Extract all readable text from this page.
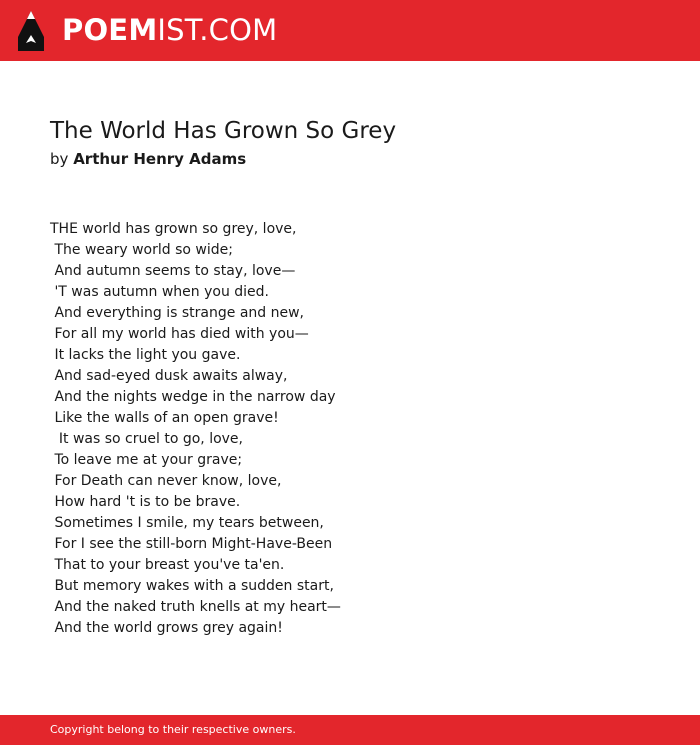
POEMIST.COM
The World Has Grown So Grey
by Arthur Henry Adams
THE world has grown so grey, love,
The weary world so wide;
And autumn seems to stay, love—
'T was autumn when you died.
And everything is strange and new,
For all my world has died with you—
It lacks the light you gave.
And sad-eyed dusk awaits alway,
And the nights wedge in the narrow day
Like the walls of an open grave!
It was so cruel to go, love,
To leave me at your grave;
For Death can never know, love,
How hard 't is to be brave.
Sometimes I smile, my tears between,
For I see the still-born Might-Have-Been
That to your breast you've ta'en.
But memory wakes with a sudden start,
And the naked truth knells at my heart—
And the world grows grey again!
Copyright belong to their respective owners.
